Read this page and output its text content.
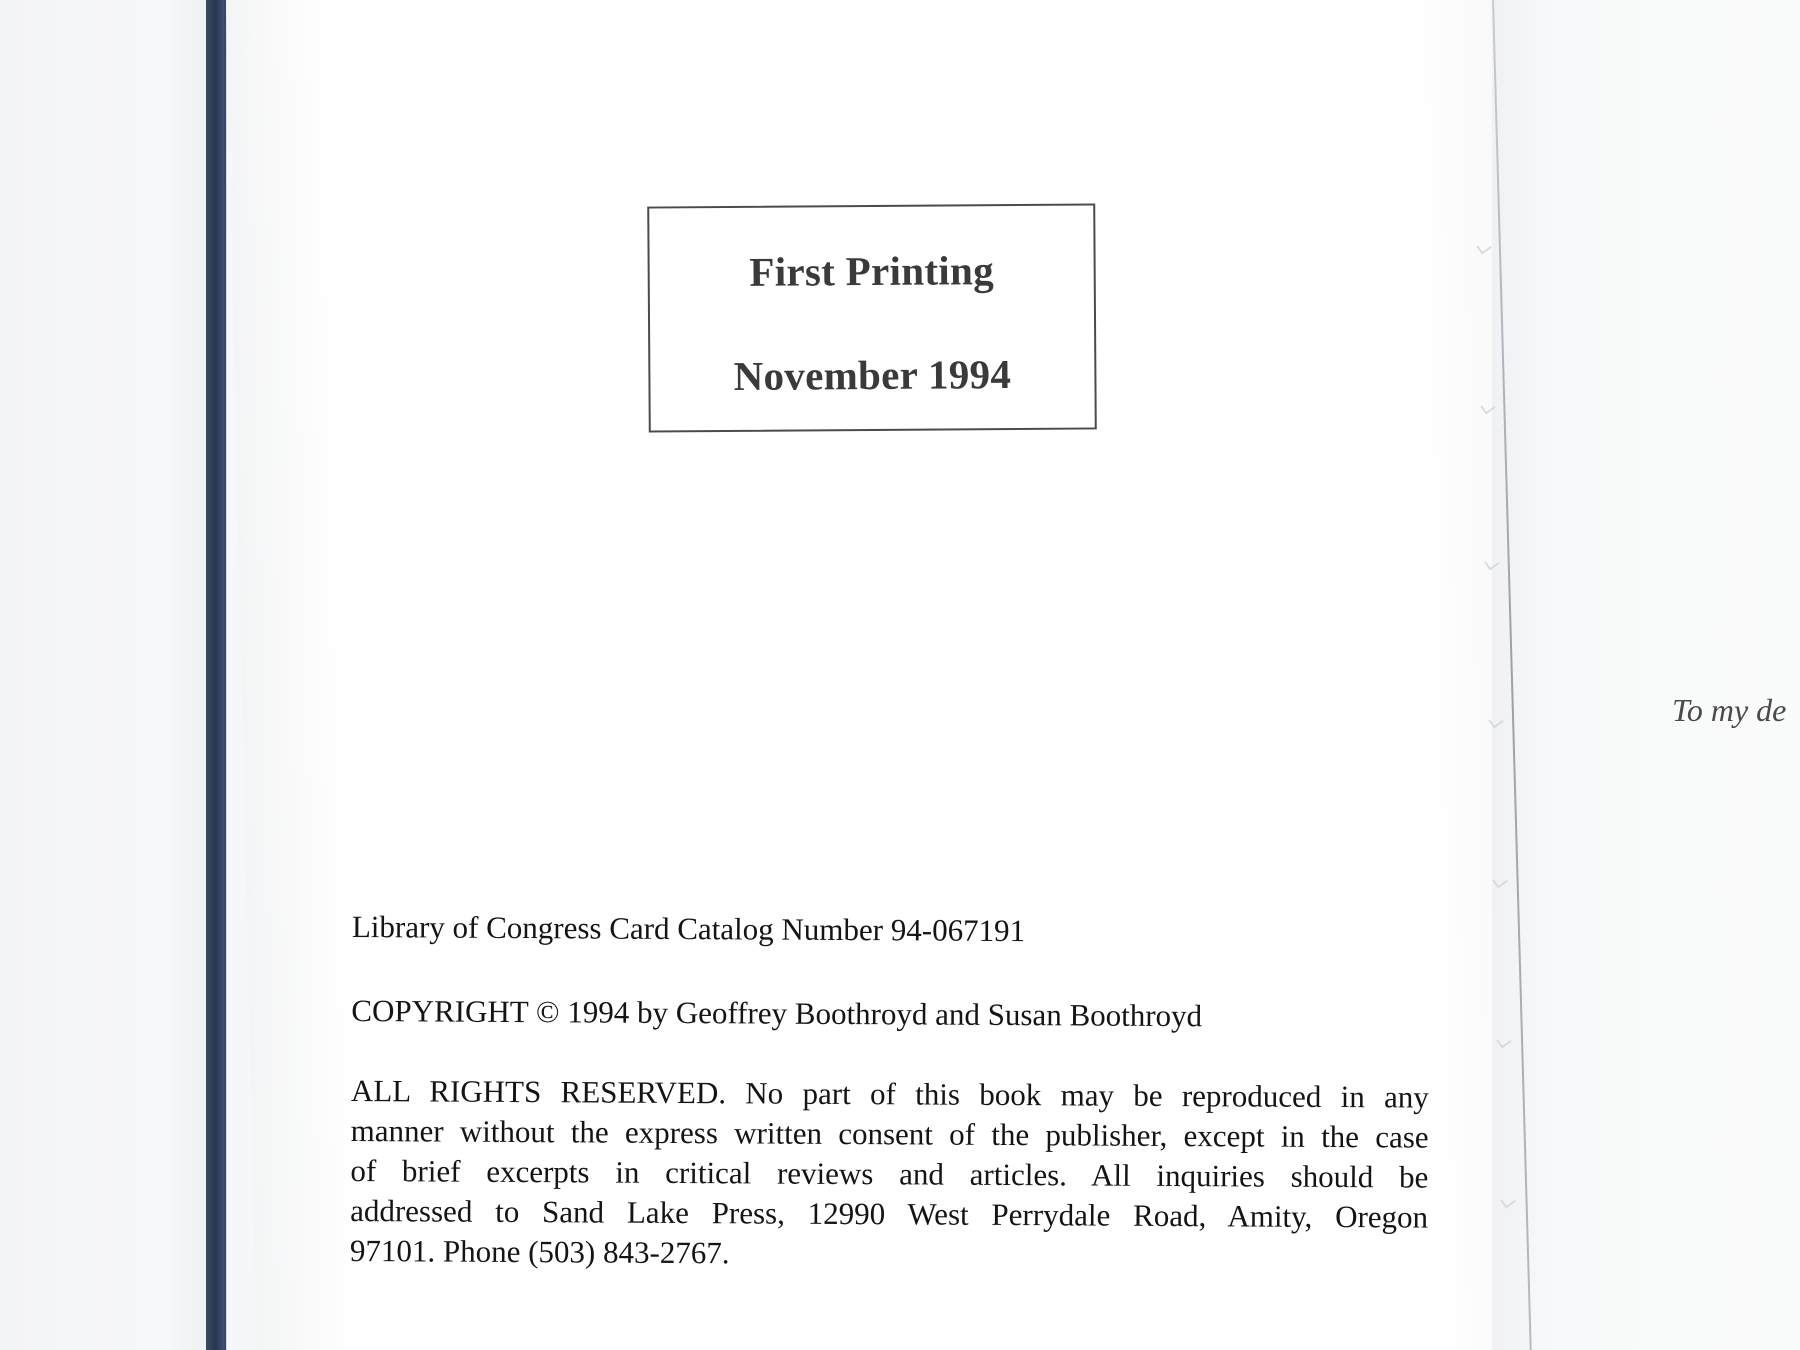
First Printing
November 1994
Library of Congress Card Catalog Number 94-067191
COPYRIGHT © 1994 by Geoffrey Boothroyd and Susan Boothroyd
ALL RIGHTS RESERVED. No part of this book may be reproduced in any
manner without the express written consent of the publisher, except in the case
of brief excerpts in critical reviews and articles. All inquiries should be
addressed to Sand Lake Press, 12990 West Perrydale Road, Amity, Oregon
97101. Phone (503) 843-2767.
To my de
